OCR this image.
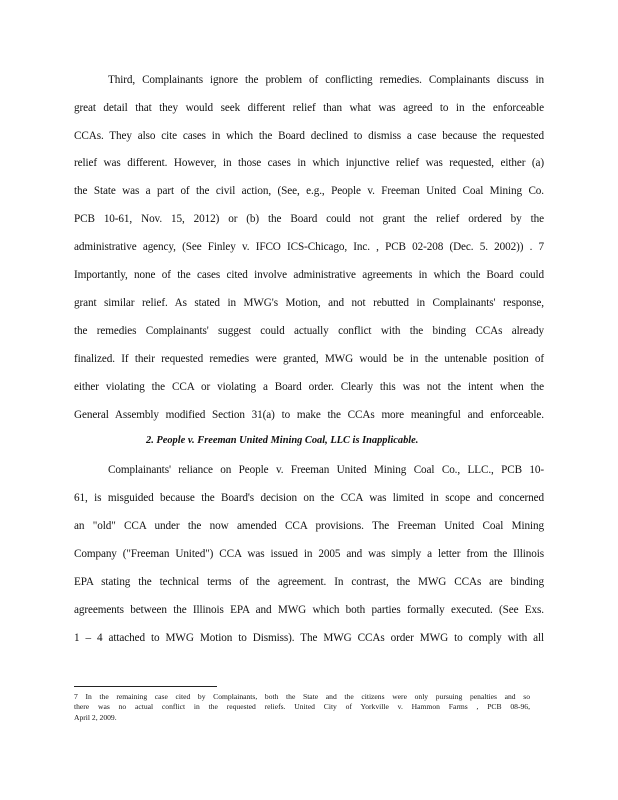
Third, Complainants ignore the problem of conflicting remedies. Complainants discuss in
great detail that they would seek different relief than what was agreed to in the enforceable
CCAs. They also cite cases in which the Board declined to dismiss a case because the requested
relief was different. However, in those cases in which injunctive relief was requested, either (a)
the State was a part of the civil action, (See, e.g., People v. Freeman United Coal Mining Co.
PCB 10-61, Nov. 15, 2012) or (b) the Board could not grant the relief ordered by the
administrative agency, (See Finley v. IFCO ICS-Chicago, Inc. , PCB 02-208 (Dec. 5. 2002)) . 7
Importantly, none of the cases cited involve administrative agreements in which the Board could
grant similar relief. As stated in MWG's Motion, and not rebutted in Complainants' response,
the remedies Complainants' suggest could actually conflict with the binding CCAs already
finalized. If their requested remedies were granted, MWG would be in the untenable position of
either violating the CCA or violating a Board order. Clearly this was not the intent when the
General Assembly modified Section 31(a) to make the CCAs more meaningful and enforceable.
2. People v. Freeman United Mining Coal, LLC is Inapplicable.
Complainants' reliance on People v. Freeman United Mining Coal Co., LLC., PCB 10-
61, is misguided because the Board's decision on the CCA was limited in scope and concerned
an "old" CCA under the now amended CCA provisions. The Freeman United Coal Mining
Company ("Freeman United") CCA was issued in 2005 and was simply a letter from the Illinois
EPA stating the technical terms of the agreement. In contrast, the MWG CCAs are binding
agreements between the Illinois EPA and MWG which both parties formally executed. (See Exs.
1 – 4 attached to MWG Motion to Dismiss). The MWG CCAs order MWG to comply with all
7 In the remaining case cited by Complainants, both the State and the citizens were only pursuing penalties and so
there was no actual conflict in the requested reliefs. United City of Yorkville v. Hammon Farms , PCB 08-96,
April 2, 2009.
